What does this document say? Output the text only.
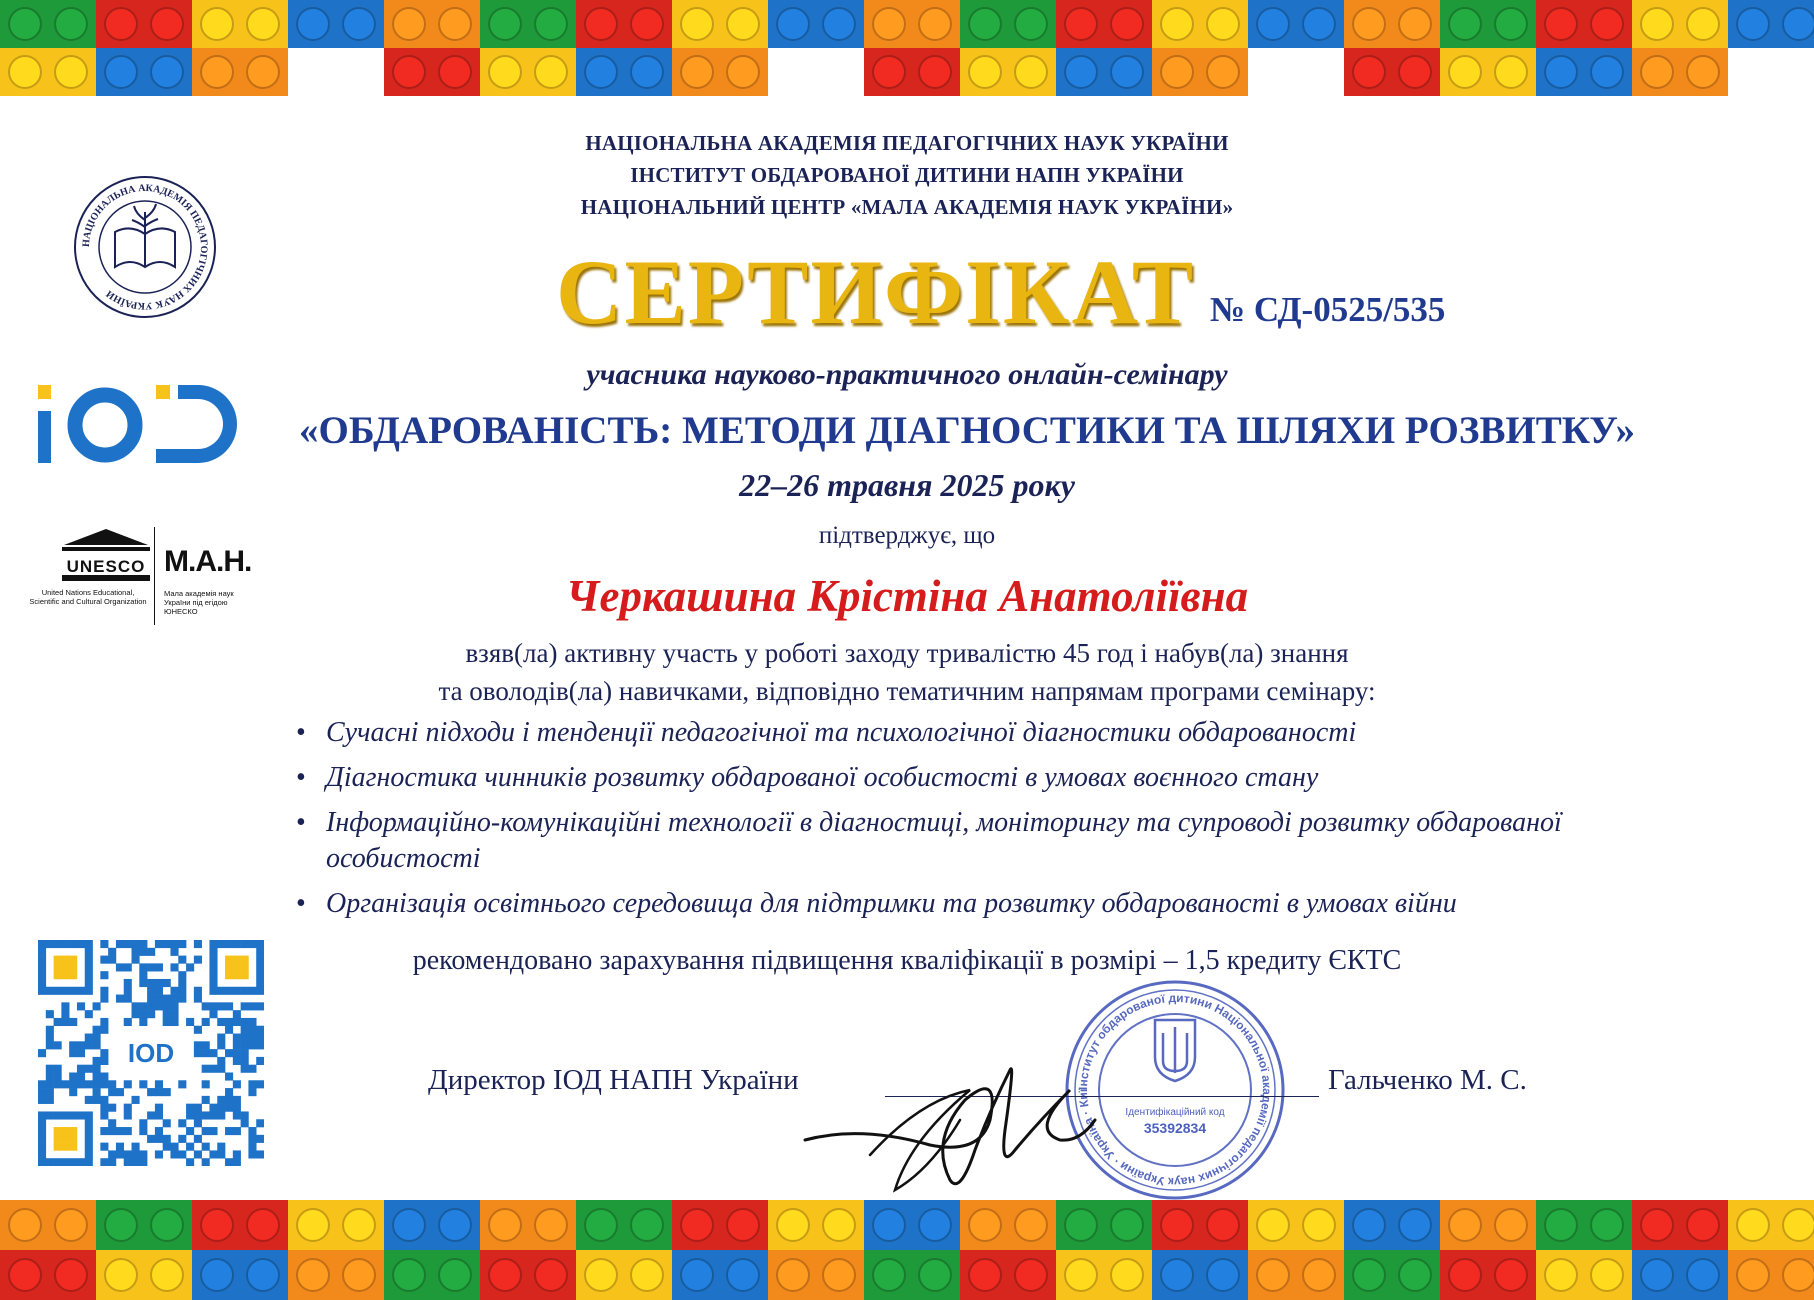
НАЦІОНАЛЬНА АКАДЕМІЯ ПЕДАГОГІЧНИХ НАУК УКРАЇНИ
UNESCO
United Nations Educational, Scientific and Cultural Organization
М.А.Н.
Мала академія наук України під егідою ЮНЕСКО
IOD
НАЦІОНАЛЬНА АКАДЕМІЯ ПЕДАГОГІЧНИХ НАУК УКРАЇНИ
ІНСТИТУТ ОБДАРОВАНОЇ ДИТИНИ НАПН УКРАЇНИ
НАЦІОНАЛЬНИЙ ЦЕНТР «МАЛА АКАДЕМІЯ НАУК УКРАЇНИ»
СЕРТИФІКАТ № СД-0525/535
учасника науково-практичного онлайн-семінару
«ОБДАРОВАНІСТЬ: МЕТОДИ ДІАГНОСТИКИ ТА ШЛЯХИ РОЗВИТКУ»
22–26 травня 2025 року
підтверджує, що
Черкашина Крістіна Анатоліївна
взяв(ла) активну участь у роботі заходу тривалістю 45 год і набув(ла) знання
та оволодів(ла) навичками, відповідно тематичним напрямам програми семінару:
• Сучасні підходи і тенденції педагогічної та психологічної діагностики обдарованості
• Діагностика чинників розвитку обдарованої особистості в умовах воєнного стану
• Інформаційно-комунікаційні технології в діагностиці, моніторингу та супроводі розвитку обдарованої особистості
• Організація освітнього середовища для підтримки та розвитку обдарованості в умовах війни
рекомендовано зарахування підвищення кваліфікації в розмірі – 1,5 кредиту ЄКТС
Інститут обдарованої дитини Національної академії педагогічних наук України · Україна · Киї
Ідентифікаційний код
35392834
Директор ІОД НАПН України	Гальченко М. С.
